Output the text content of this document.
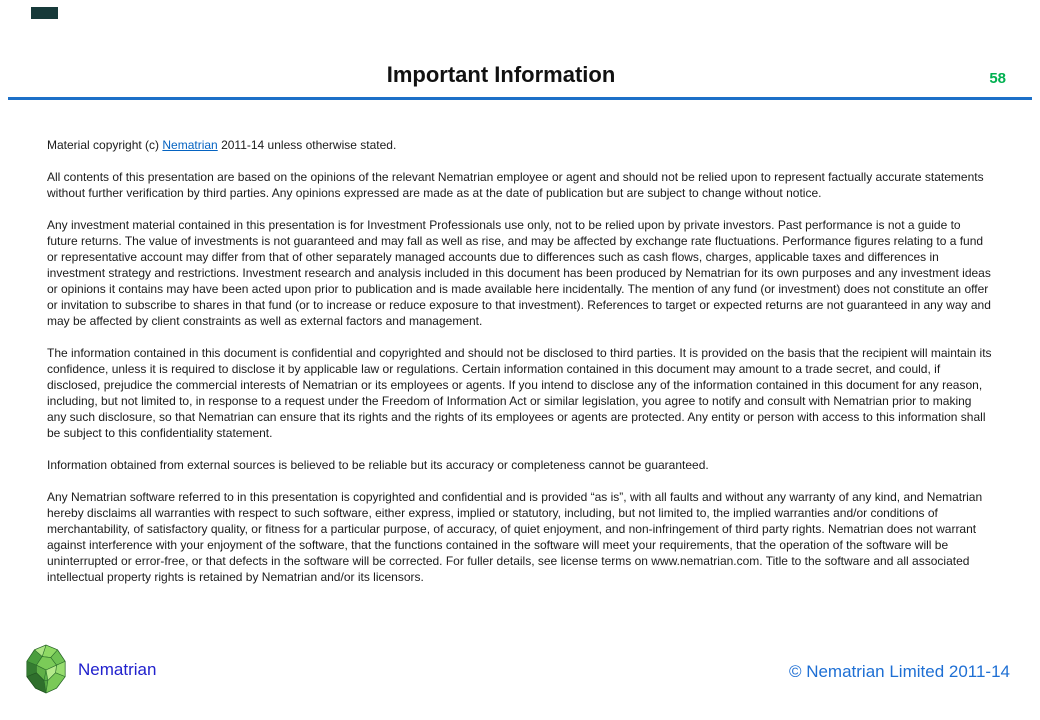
Important Information	58

Material copyright (c) Nematrian 2011-14 unless otherwise stated.

All contents of this presentation are based on the opinions of the relevant Nematrian employee or agent and should not be relied upon to represent factually accurate statements without further verification by third parties. Any opinions expressed are made as at the date of publication but are subject to change without notice.

Any investment material contained in this presentation is for Investment Professionals use only, not to be relied upon by private investors. Past performance is not a guide to future returns. The value of investments is not guaranteed and may fall as well as rise, and may be affected by exchange rate fluctuations. Performance figures relating to a fund or representative account may differ from that of other separately managed accounts due to differences such as cash flows, charges, applicable taxes and differences in investment strategy and restrictions. Investment research and analysis included in this document has been produced by Nematrian for its own purposes and any investment ideas or opinions it contains may have been acted upon prior to publication and is made available here incidentally. The mention of any fund (or investment) does not constitute an offer or invitation to subscribe to shares in that fund (or to increase or reduce exposure to that investment). References to target or expected returns are not guaranteed in any way and may be affected by client constraints as well as external factors and management.

The information contained in this document is confidential and copyrighted and should not be disclosed to third parties. It is provided on the basis that the recipient will maintain its confidence, unless it is required to disclose it by applicable law or regulations. Certain information contained in this document may amount to a trade secret, and could, if disclosed, prejudice the commercial interests of Nematrian or its employees or agents. If you intend to disclose any of the information contained in this document for any reason, including, but not limited to, in response to a request under the Freedom of Information Act or similar legislation, you agree to notify and consult with Nematrian prior to making any such disclosure, so that Nematrian can ensure that its rights and the rights of its employees or agents are protected. Any entity or person with access to this information shall be subject to this confidentiality statement.

Information obtained from external sources is believed to be reliable but its accuracy or completeness cannot be guaranteed.

Any Nematrian software referred to in this presentation is copyrighted and confidential and is provided “as is”, with all faults and without any warranty of any kind, and Nematrian hereby disclaims all warranties with respect to such software, either express, implied or statutory, including, but not limited to, the implied warranties and/or conditions of merchantability, of satisfactory quality, or fitness for a particular purpose, of accuracy, of quiet enjoyment, and non-infringement of third party rights. Nematrian does not warrant against interference with your enjoyment of the software, that the functions contained in the software will meet your requirements, that the operation of the software will be uninterrupted or error-free, or that defects in the software will be corrected. For fuller details, see license terms on www.nematrian.com. Title to the software and all associated intellectual property rights is retained by Nematrian and/or its licensors.

Nematrian	© Nematrian Limited 2011-14
